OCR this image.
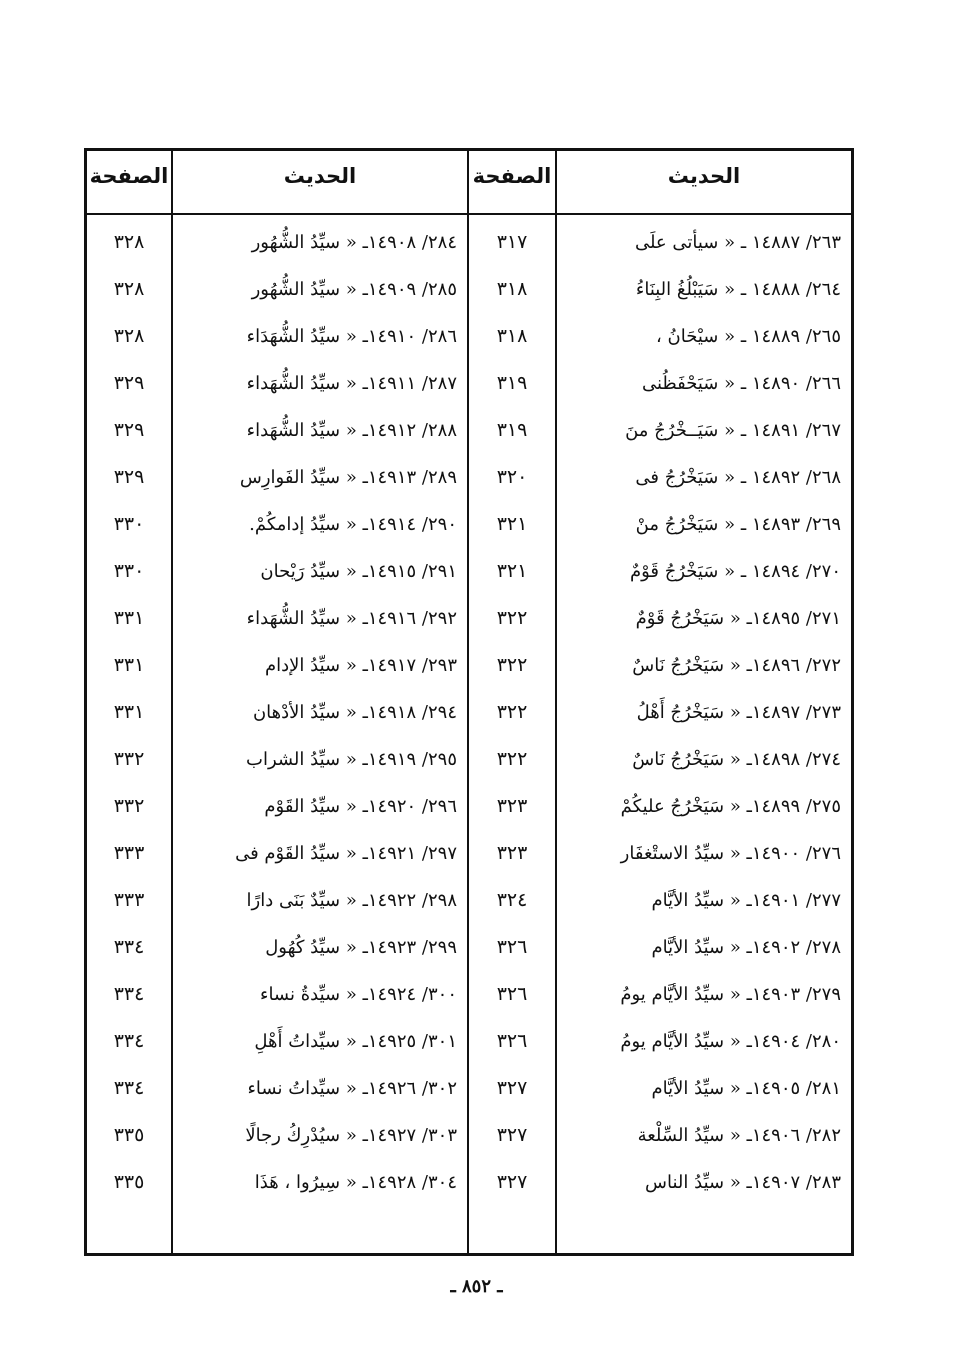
الحديث
الصفحة
الحديث
الصفحة
٢٦٣/ ١٤٨٨٧ ـ « سيأتى علَى
٣١٧
٢٨٤/ ١٤٩٠٨ـ « سيِّدُ الشُّهُور
٣٢٨
٢٦٤/ ١٤٨٨٨ ـ « سَيَبْلُغُ البِنَاءُ
٣١٨
٢٨٥/ ١٤٩٠٩ـ « سيِّدُ الشُّهُور
٣٢٨
٢٦٥/ ١٤٨٨٩ ـ « سيْحَانُ ،
٣١٨
٢٨٦/ ١٤٩١٠ـ « سيِّدُ الشُّهَدَاء
٣٢٨
٢٦٦/ ١٤٨٩٠ ـ « سَيَحْفَظُنى
٣١٩
٢٨٧/ ١٤٩١١ـ « سيِّدُ الشُّهَداء
٣٢٩
٢٦٧/ ١٤٨٩١ ـ « سَيَــخْرُجُ منَ
٣١٩
٢٨٨/ ١٤٩١٢ـ « سيِّدُ الشُّهَداء
٣٢٩
٢٦٨/ ١٤٨٩٢ ـ « سَيَخْرُجُ فى
٣٢٠
٢٨٩/ ١٤٩١٣ـ « سيِّدُ الفَوارِس
٣٢٩
٢٦٩/ ١٤٨٩٣ ـ « سَيَخْرُجُ منْ
٣٢١
٢٩٠/ ١٤٩١٤ـ « سيِّدُ إدامكُمْ.
٣٣٠
٢٧٠/ ١٤٨٩٤ ـ « سَيَخْرُجُ قَوْمٌ
٣٢١
٢٩١/ ١٤٩١٥ـ « سيِّدُ رَيْحان
٣٣٠
٢٧١/ ١٤٨٩٥ـ « سَيَخْرُجُ قَوْمٌ
٣٢٢
٢٩٢/ ١٤٩١٦ـ « سيِّدُ الشُّهَداء
٣٣١
٢٧٢/ ١٤٨٩٦ـ « سَيَخْرُجُ نَاسٌ
٣٢٢
٢٩٣/ ١٤٩١٧ـ « سيِّدُ الإدام
٣٣١
٢٧٣/ ١٤٨٩٧ـ « سَيَخْرُجُ أَهْلُ
٣٢٢
٢٩٤/ ١٤٩١٨ـ « سيِّدُ الأدْهان
٣٣١
٢٧٤/ ١٤٨٩٨ـ « سَيَخْرُجُ نَاسٌ
٣٢٢
٢٩٥/ ١٤٩١٩ـ « سيِّدُ الشراب
٣٣٢
٢٧٥/ ١٤٨٩٩ـ « سَيَخْرُجُ عليكُمْ
٣٢٣
٢٩٦/ ١٤٩٢٠ـ « سيِّدُ القَوْم
٣٣٢
٢٧٦/ ١٤٩٠٠ـ « سيِّدُ الاستْغفَار
٣٢٣
٢٩٧/ ١٤٩٢١ـ « سيِّدُ القَوْم فى
٣٣٣
٢٧٧/ ١٤٩٠١ـ « سيِّدُ الأيَّام
٣٢٤
٢٩٨/ ١٤٩٢٢ـ « سيِّدٌ بَنَى دارًا
٣٣٣
٢٧٨/ ١٤٩٠٢ـ « سيِّدُ الأيَّام
٣٢٦
٢٩٩/ ١٤٩٢٣ـ « سيِّدُ كُهُول
٣٣٤
٢٧٩/ ١٤٩٠٣ـ « سيِّدُ الأيَّام يومُ
٣٢٦
٣٠٠/ ١٤٩٢٤ـ « سيِّدةُ نساء
٣٣٤
٢٨٠/ ١٤٩٠٤ـ « سيِّدُ الأيَّام يومُ
٣٢٦
٣٠١/ ١٤٩٢٥ـ « سيِّداتُ أَهْلِ
٣٣٤
٢٨١/ ١٤٩٠٥ـ « سيِّدُ الأيَّام
٣٢٧
٣٠٢/ ١٤٩٢٦ـ « سيِّداتُ نساء
٣٣٤
٢٨٢/ ١٤٩٠٦ـ « سيِّدُ السِّلْعة
٣٢٧
٣٠٣/ ١٤٩٢٧ـ « سيُدْرِكُ رجالًا
٣٣٥
٢٨٣/ ١٤٩٠٧ـ « سيِّدُ الناس
٣٢٧
٣٠٤/ ١٤٩٢٨ـ « سِيرُوا ، هَذَا
٣٣٥
ـ ٨٥٢ ـ
